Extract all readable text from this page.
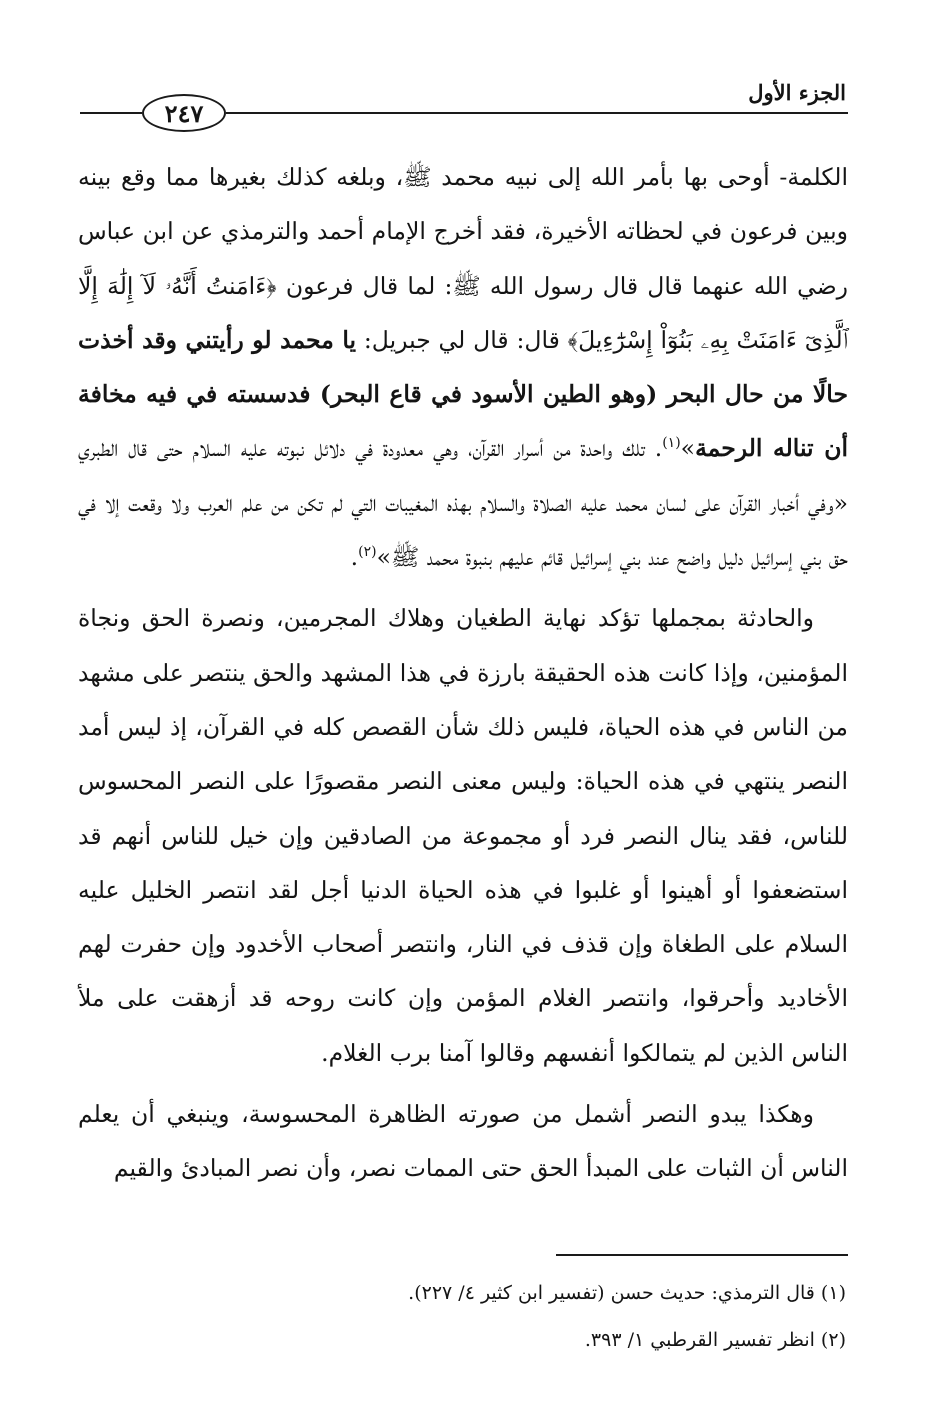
٢٤٧
الجزء الأول

الكلمة- أوحى بها بأمر الله إلى نبيه محمد ﷺ، وبلغه كذلك بغيرها مما وقع بينه وبين فرعون في لحظاته الأخيرة، فقد أخرج الإمام أحمد والترمذي عن ابن عباس رضي الله عنهما قال قال رسول الله ﷺ: لما قال فرعون ﴿ءَامَنتُ أَنَّهُۥ لَآ إِلَٰهَ إِلَّا ٱلَّذِىٓ ءَامَنَتْ بِهِۦ بَنُوٓاْ إِسْرَٰٓءِيلَ﴾ قال: قال لي جبريل: يا محمد لو رأيتني وقد أخذت حالًا من حال البحر (وهو الطين الأسود في قاع البحر) فدسسته في فيه مخافة أن تناله الرحمة»$^{(١)}$. تلك واحدة من أسرار القرآن، وهي معدودة في دلائل نبوته عليه السلام حتى قال الطبري «وفي أخبار القرآن على لسان محمد عليه الصلاة والسلام بهذه المغيبات التي لم تكن من علم العرب ولا وقعت إلا في حق بني إسرائيل دليل واضح عند بني إسرائيل قائم عليهم بنبوة محمد ﷺ»$^{(٢)}$.

والحادثة بمجملها تؤكد نهاية الطغيان وهلاك المجرمين، ونصرة الحق ونجاة المؤمنين، وإذا كانت هذه الحقيقة بارزة في هذا المشهد والحق ينتصر على مشهد من الناس في هذه الحياة، فليس ذلك شأن القصص كله في القرآن، إذ ليس أمد النصر ينتهي في هذه الحياة: وليس معنى النصر مقصورًا على النصر المحسوس للناس، فقد ينال النصر فرد أو مجموعة من الصادقين وإن خيل للناس أنهم قد استضعفوا أو أهينوا أو غلبوا في هذه الحياة الدنيا أجل لقد انتصر الخليل عليه السلام على الطغاة وإن قذف في النار، وانتصر أصحاب الأخدود وإن حفرت لهم الأخاديد وأحرقوا، وانتصر الغلام المؤمن وإن كانت روحه قد أزهقت على ملأ الناس الذين لم يتمالكوا أنفسهم وقالوا آمنا برب الغلام.

وهكذا يبدو النصر أشمل من صورته الظاهرة المحسوسة، وينبغي أن يعلم الناس أن الثبات على المبدأ الحق حتى الممات نصر، وأن نصر المبادئ والقيم

(١) قال الترمذي: حديث حسن (تفسير ابن كثير ٤/ ٢٢٧).

(٢) انظر تفسير القرطبي ١/ ٣٩٣.
